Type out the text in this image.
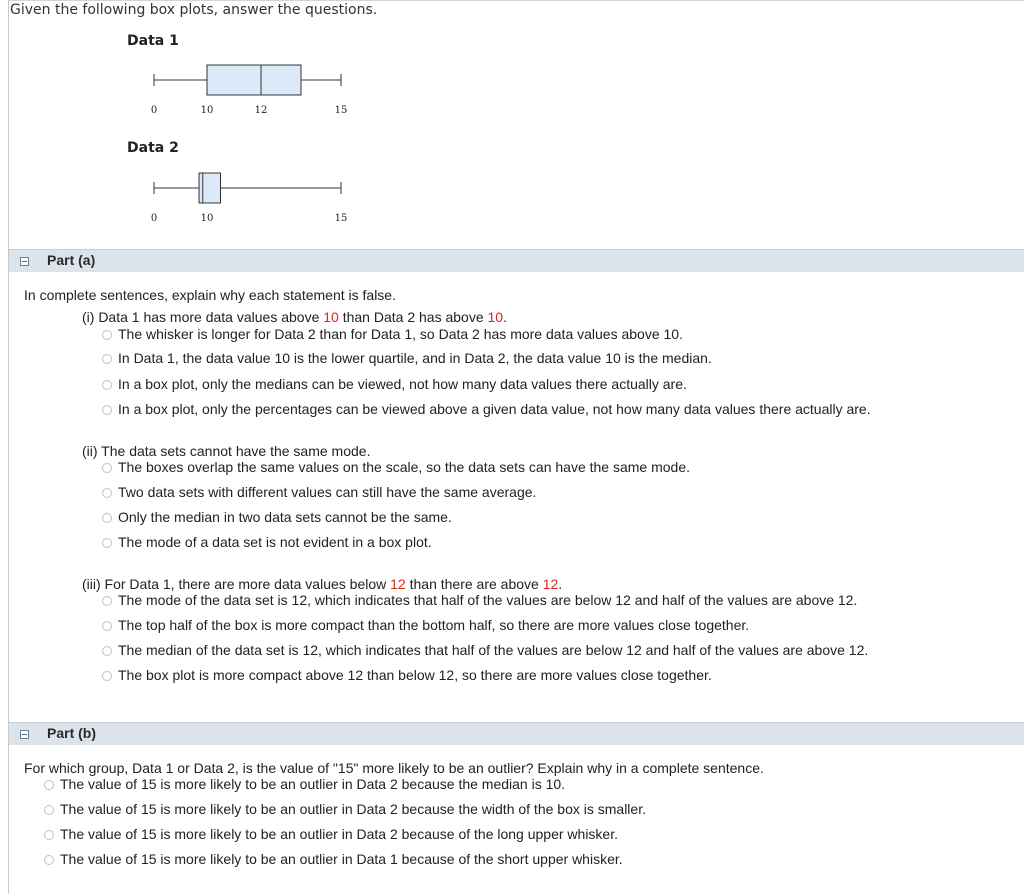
Given the following box plots, answer the questions.
Data 1
0	10	12	15
Data 2
0	10	15
Part (a)
In complete sentences, explain why each statement is false.
(i) Data 1 has more data values above 10 than Data 2 has above 10.
The whisker is longer for Data 2 than for Data 1, so Data 2 has more data values above 10.
In Data 1, the data value 10 is the lower quartile, and in Data 2, the data value 10 is the median.
In a box plot, only the medians can be viewed, not how many data values there actually are.
In a box plot, only the percentages can be viewed above a given data value, not how many data values there actually are.
(ii) The data sets cannot have the same mode.
The boxes overlap the same values on the scale, so the data sets can have the same mode.
Two data sets with different values can still have the same average.
Only the median in two data sets cannot be the same.
The mode of a data set is not evident in a box plot.
(iii) For Data 1, there are more data values below 12 than there are above 12.
The mode of the data set is 12, which indicates that half of the values are below 12 and half of the values are above 12.
The top half of the box is more compact than the bottom half, so there are more values close together.
The median of the data set is 12, which indicates that half of the values are below 12 and half of the values are above 12.
The box plot is more compact above 12 than below 12, so there are more values close together.
Part (b)
For which group, Data 1 or Data 2, is the value of "15" more likely to be an outlier? Explain why in a complete sentence.
The value of 15 is more likely to be an outlier in Data 2 because the median is 10.
The value of 15 is more likely to be an outlier in Data 2 because the width of the box is smaller.
The value of 15 is more likely to be an outlier in Data 2 because of the long upper whisker.
The value of 15 is more likely to be an outlier in Data 1 because of the short upper whisker.
